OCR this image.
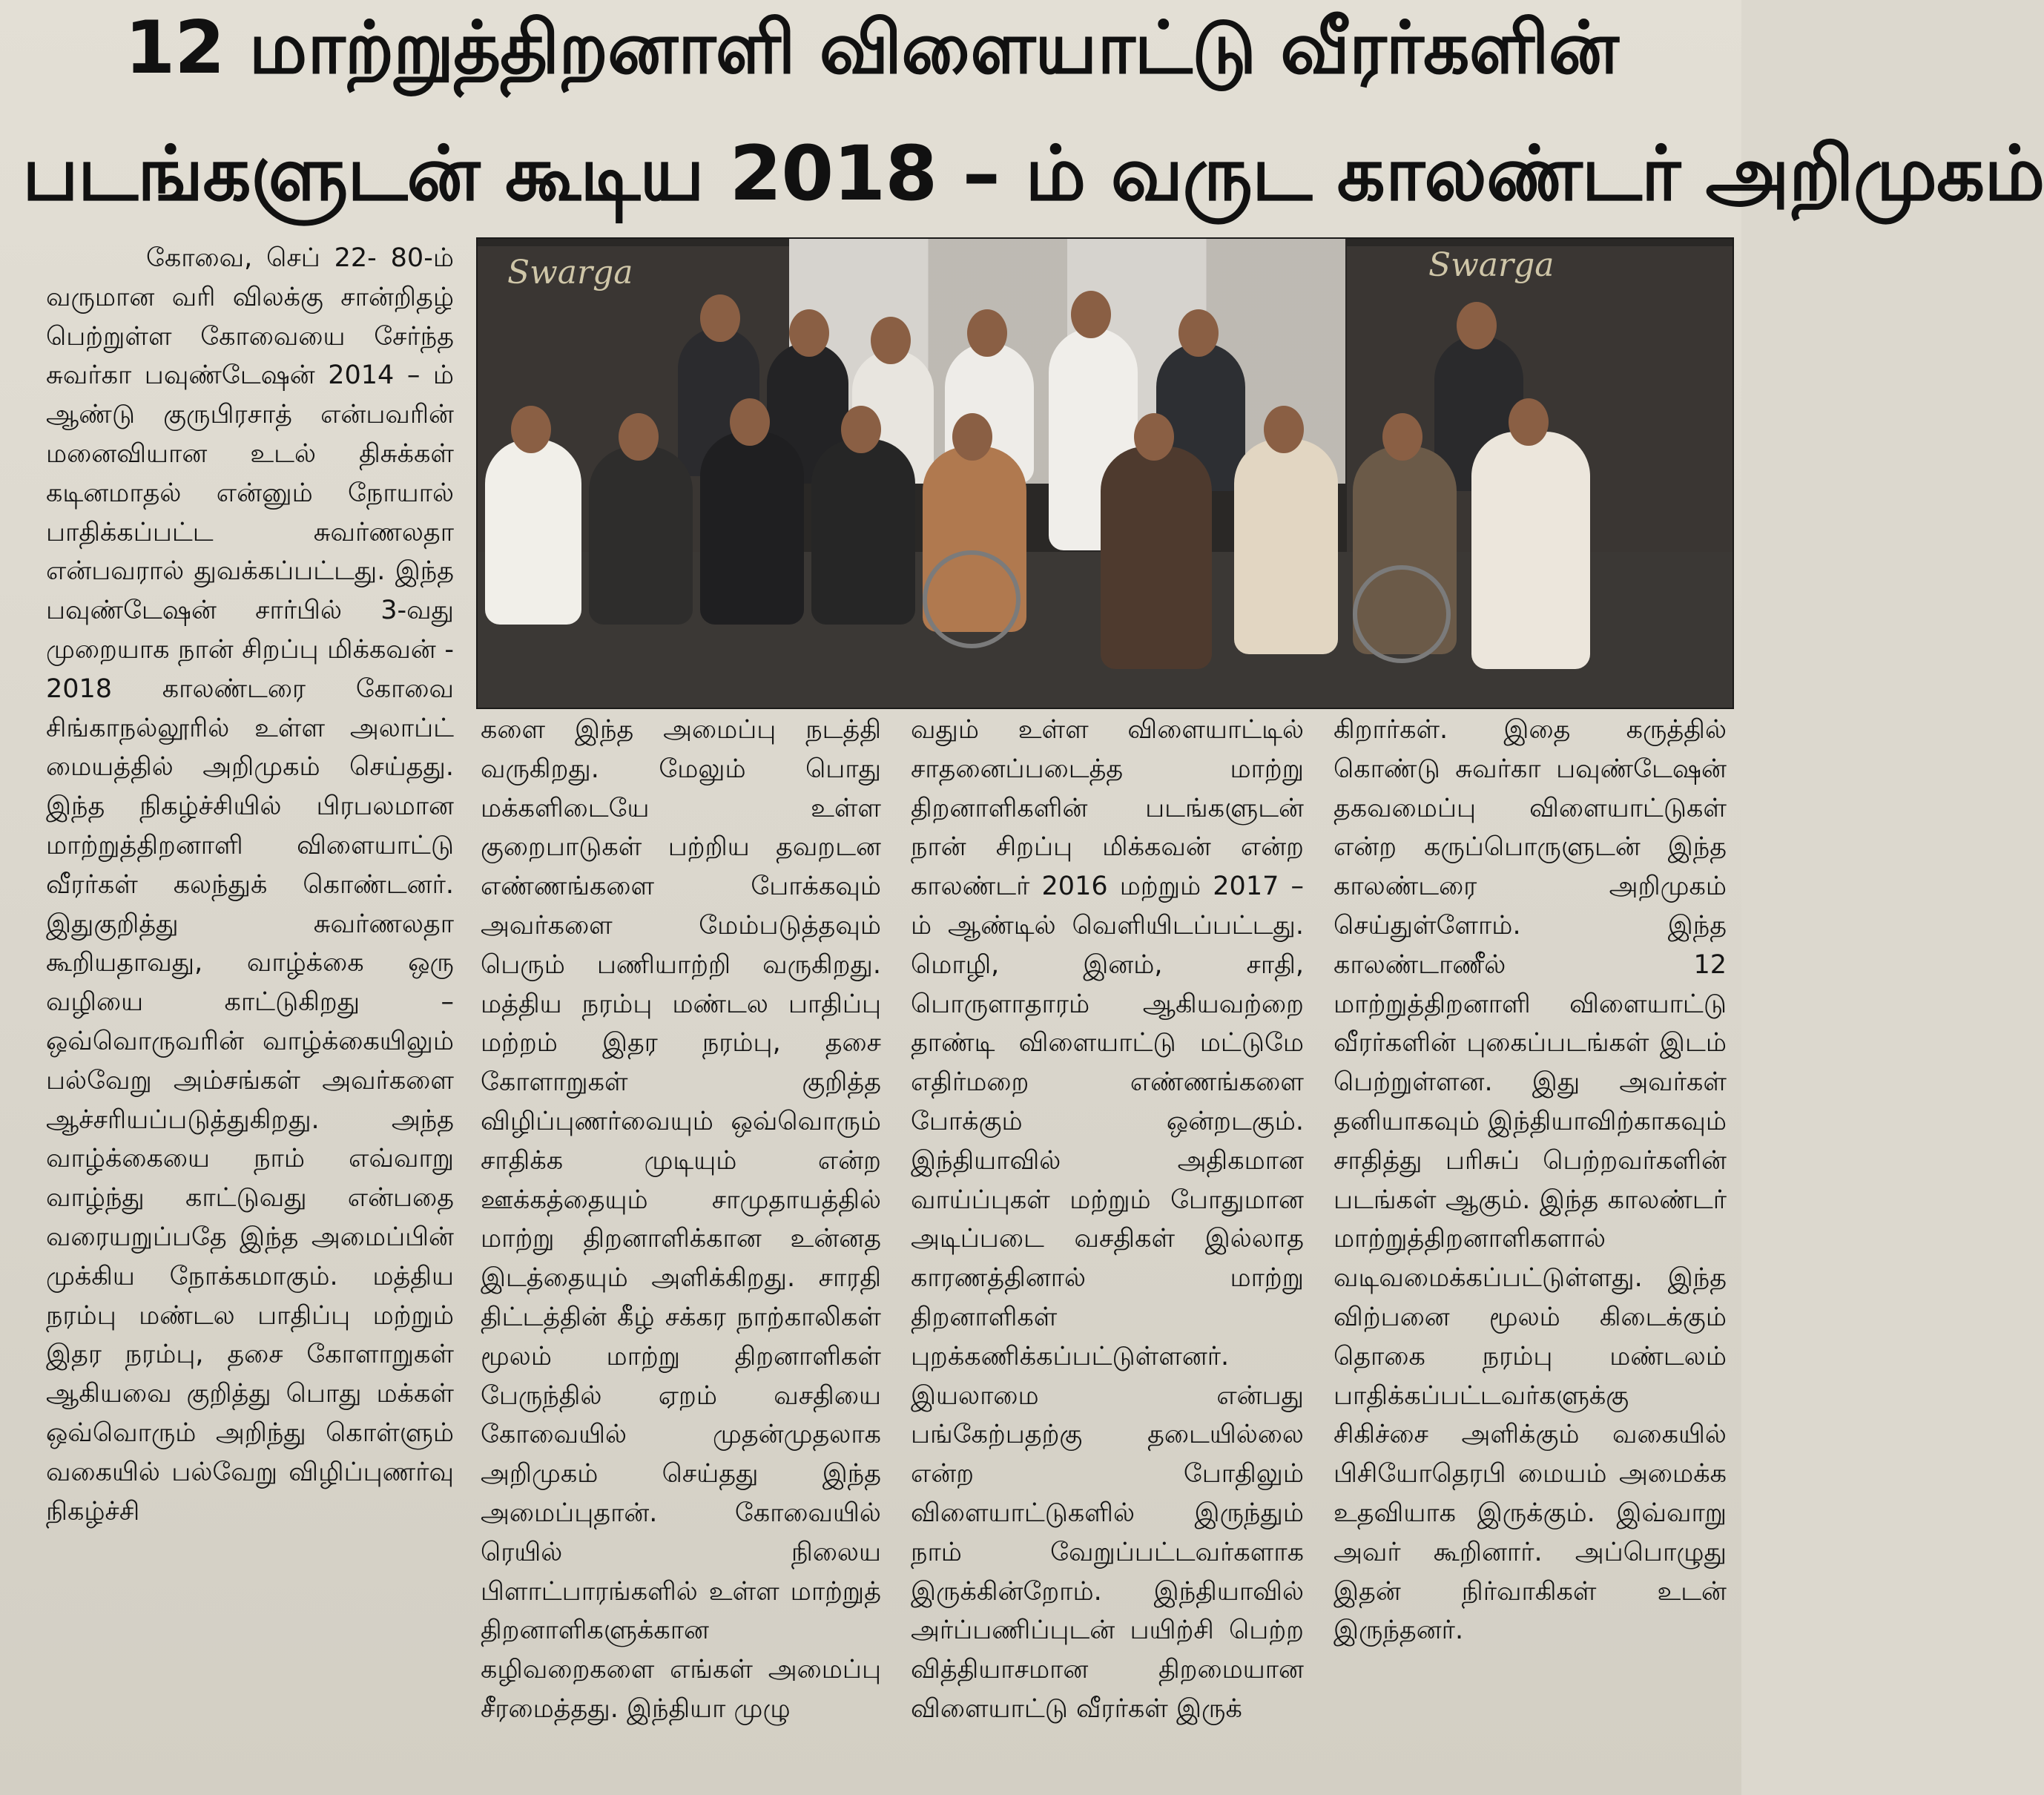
12 மாற்றுத்திறனாளி விளையாட்டு வீரர்களின்
படங்களுடன் கூடிய 2018 – ம் வருட காலண்டர் அறிமுகம்
Swarga	Swarga

கோவை, செப் 22- 80-ம் வருமான வரி விலக்கு சான்றிதழ் பெற்றுள்ள கோவையை சேர்ந்த சுவர்கா பவுண்டேஷன் 2014 – ம் ஆண்டு குருபிரசாத் என்பவரின் மனைவியான உடல் திசுக்கள் கடினமாதல் என்னும் நோயால் பாதிக்கப்பட்ட சுவர்ணலதா என்பவரால் துவக்கப்பட்டது. இந்த பவுண்டேஷன் சார்பில் 3-வது முறையாக நான் சிறப்பு மிக்கவன் - 2018 காலண்டரை கோவை சிங்காநல்லூரில் உள்ள அலாப்ட் மையத்தில் அறிமுகம் செய்தது. இந்த நிகழ்ச்சியில் பிரபலமான மாற்றுத்திறனாளி விளையாட்டு வீரர்கள் கலந்துக் கொண்டனர். இதுகுறித்து சுவர்ணலதா கூறியதாவது, வாழ்க்கை ஒரு வழியை காட்டுகிறது – ஒவ்வொருவரின் வாழ்க்கையிலும் பல்வேறு அம்சங்கள் அவர்களை ஆச்சரியப்படுத்துகிறது. அந்த வாழ்க்கையை நாம் எவ்வாறு வாழ்ந்து காட்டுவது என்பதை வரையறுப்பதே இந்த அமைப்பின் முக்கிய நோக்கமாகும். மத்திய நரம்பு மண்டல பாதிப்பு மற்றும் இதர நரம்பு, தசை கோளாறுகள் ஆகியவை குறித்து பொது மக்கள் ஒவ்வொரும் அறிந்து கொள்ளும் வகையில் பல்வேறு விழிப்புணர்வு நிகழ்ச்சி

களை இந்த அமைப்பு நடத்தி வருகிறது. மேலும் பொது மக்களிடையே உள்ள குறைபாடுகள் பற்றிய தவறடன எண்ணங்களை போக்கவும் அவர்களை மேம்படுத்தவும் பெரும் பணியாற்றி வருகிறது. மத்திய நரம்பு மண்டல பாதிப்பு மற்றம் இதர நரம்பு, தசை கோளாறுகள் குறித்த விழிப்புணர்வையும் ஒவ்வொரும் சாதிக்க முடியும் என்ற ஊக்கத்தையும் சாமுதாயத்தில் மாற்று திறனாளிக்கான உன்னத இடத்தையும் அளிக்கிறது. சாரதி திட்டத்தின் கீழ் சக்கர நாற்காலிகள் மூலம் மாற்று திறனாளிகள் பேருந்தில் ஏறம் வசதியை கோவையில் முதன்முதலாக அறிமுகம் செய்தது இந்த அமைப்புதான். கோவையில் ரெயில் நிலைய பிளாட்பாரங்களில் உள்ள மாற்றுத் திறனாளிகளுக்கான கழிவறைகளை எங்கள் அமைப்பு சீரமைத்தது. இந்தியா முழு

வதும் உள்ள விளையாட்டில் சாதனைப்படைத்த மாற்று திறனாளிகளின் படங்களுடன் நான் சிறப்பு மிக்கவன் என்ற காலண்டர் 2016 மற்றும் 2017 – ம் ஆண்டில் வெளியிடப்பட்டது. மொழி, இனம், சாதி, பொருளாதாரம் ஆகியவற்றை தாண்டி விளையாட்டு மட்டுமே எதிர்மறை எண்ணங்களை போக்கும் ஒன்றடகும். இந்தியாவில் அதிகமான வாய்ப்புகள் மற்றும் போதுமான அடிப்படை வசதிகள் இல்லாத காரணத்தினால் மாற்று திறனாளிகள் புறக்கணிக்கப்பட்டுள்ளனர். இயலாமை என்பது பங்கேற்பதற்கு தடையில்லை என்ற போதிலும் விளையாட்டுகளில் இருந்தும் நாம் வேறுப்பட்டவர்களாக இருக்கின்றோம். இந்தியாவில் அர்ப்பணிப்புடன் பயிற்சி பெற்ற வித்தியாசமான திறமையான விளையாட்டு வீரர்கள் இருக்

கிறார்கள். இதை கருத்தில் கொண்டு சுவர்கா பவுண்டேஷன் தகவமைப்பு விளையாட்டுகள் என்ற கருப்பொருளுடன் இந்த காலண்டரை அறிமுகம் செய்துள்ளோம். இந்த காலண்டாணீல் 12 மாற்றுத்திறனாளி விளையாட்டு வீரர்களின் புகைப்படங்கள் இடம் பெற்றுள்ளன. இது அவர்கள் தனியாகவும் இந்தியாவிற்காகவும் சாதித்து பரிசுப் பெற்றவர்களின் படங்கள் ஆகும். இந்த காலண்டர் மாற்றுத்திறனாளிகளால் வடிவமைக்கப்பட்டுள்ளது. இந்த விற்பனை மூலம் கிடைக்கும் தொகை நரம்பு மண்டலம் பாதிக்கப்பட்டவர்களுக்கு சிகிச்சை அளிக்கும் வகையில் பிசியோதெரபி மையம் அமைக்க உதவியாக இருக்கும். இவ்வாறு அவர் கூறினார். அப்பொழுது இதன் நிர்வாகிகள் உடன் இருந்தனர்.
